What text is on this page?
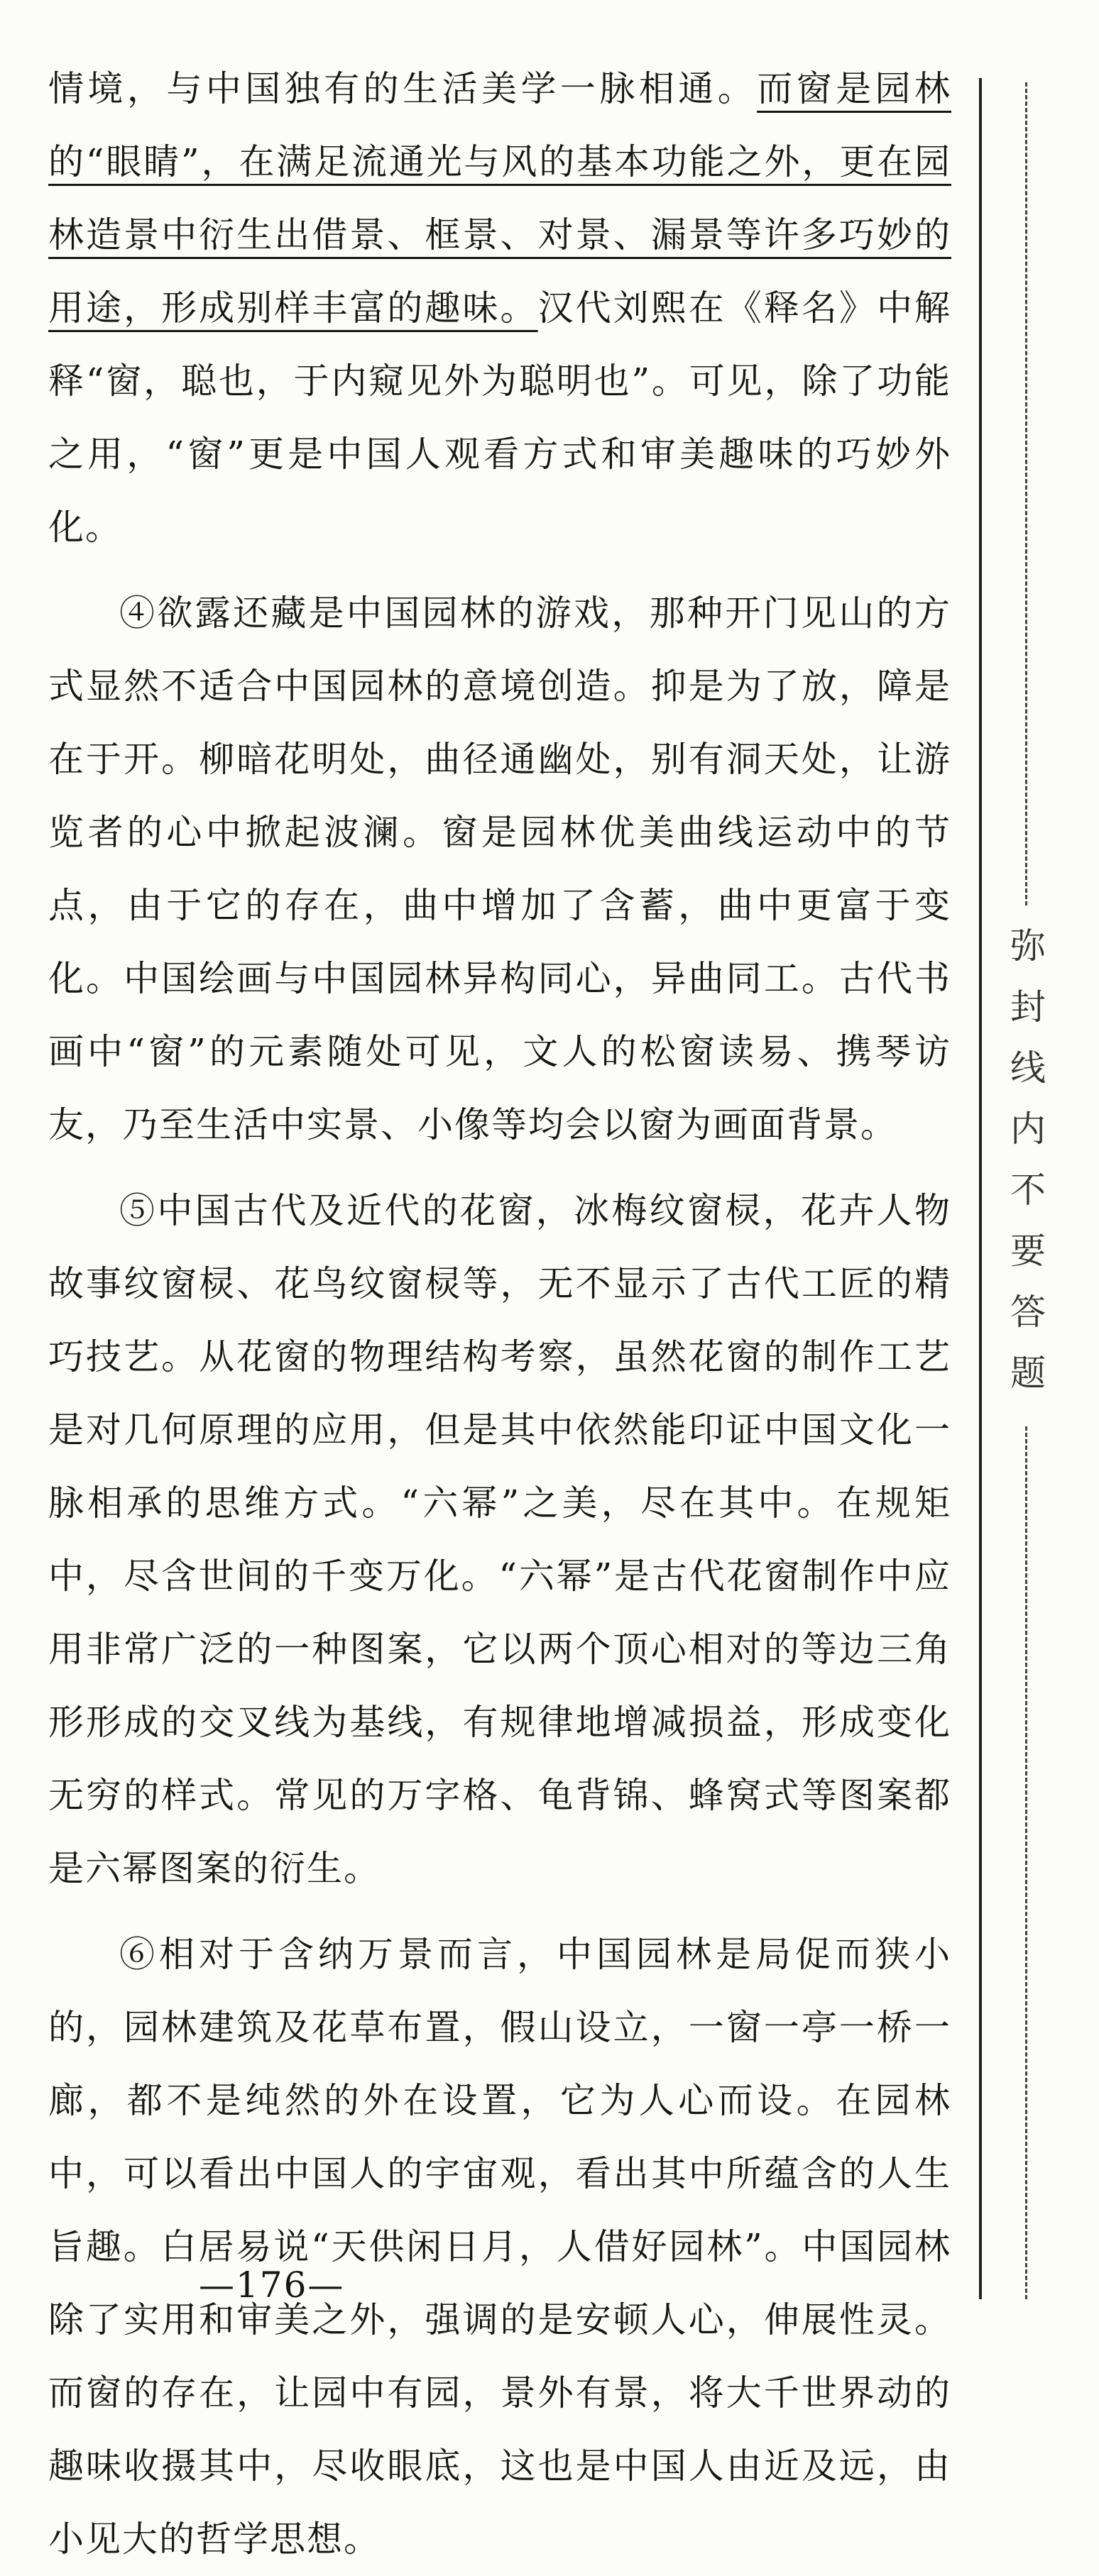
情境，与中国独有的生活美学一脉相通。而窗是园林的“眼睛”，在满足流通光与风的基本功能之外，更在园林造景中衍生出借景、框景、对景、漏景等许多巧妙的用途，形成别样丰富的趣味。汉代刘熙在《释名》中解释“窗，聪也，于内窥见外为聪明也”。可见，除了功能之用，“窗”更是中国人观看方式和审美趣味的巧妙外化。

④欲露还藏是中国园林的游戏，那种开门见山的方式显然不适合中国园林的意境创造。抑是为了放，障是在于开。柳暗花明处，曲径通幽处，别有洞天处，让游览者的心中掀起波澜。窗是园林优美曲线运动中的节点，由于它的存在，曲中增加了含蓄，曲中更富于变化。中国绘画与中国园林异构同心，异曲同工。古代书画中“窗”的元素随处可见，文人的松窗读易、携琴访友，乃至生活中实景、小像等均会以窗为画面背景。

⑤中国古代及近代的花窗，冰梅纹窗棂，花卉人物故事纹窗棂、花鸟纹窗棂等，无不显示了古代工匠的精巧技艺。从花窗的物理结构考察，虽然花窗的制作工艺是对几何原理的应用，但是其中依然能印证中国文化一脉相承的思维方式。“六幂”之美，尽在其中。在规矩中，尽含世间的千变万化。“六幂”是古代花窗制作中应用非常广泛的一种图案，它以两个顶心相对的等边三角形形成的交叉线为基线，有规律地增减损益，形成变化无穷的样式。常见的万字格、龟背锦、蜂窝式等图案都是六幂图案的衍生。

⑥相对于含纳万景而言，中国园林是局促而狭小的，园林建筑及花草布置，假山设立，一窗一亭一桥一廊，都不是纯然的外在设置，它为人心而设。在园林中，可以看出中国人的宇宙观，看出其中所蕴含的人生旨趣。白居易说“天供闲日月，人借好园林”。中国园林除了实用和审美之外，强调的是安顿人心，伸展性灵。而窗的存在，让园中有园，景外有景，将大千世界动的趣味收摄其中，尽收眼底，这也是中国人由近及远，由小见大的哲学思想。

—176—
弥封线内不要答题
